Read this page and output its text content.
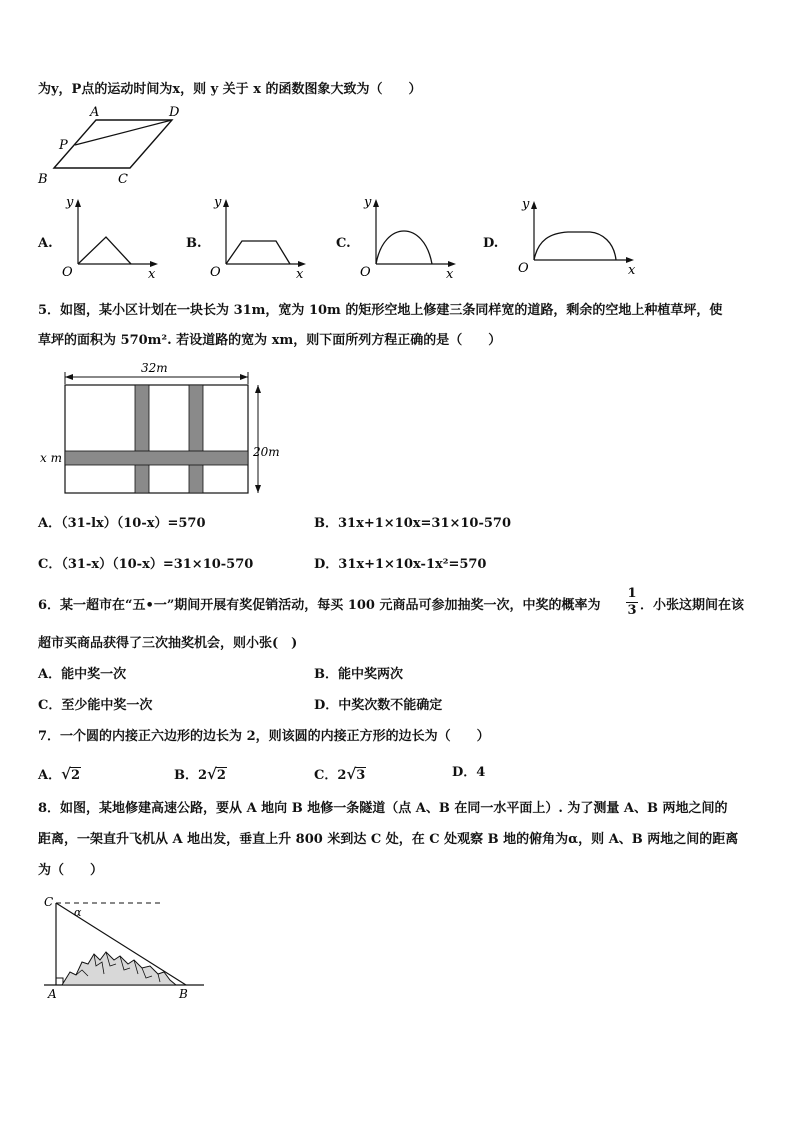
为y，P点的运动时间为x，则 y 关于 x 的函数图象大致为（　　）
A	D
P
B	C
A.
y
O	x
B.
y
O	x
C.
y
O	x
D.
y
O	x
5．如图，某小区计划在一块长为 31m，宽为 10m 的矩形空地上修建三条同样宽的道路，剩余的空地上种植草坪，使
草坪的面积为 570m². 若设道路的宽为 xm，则下面所列方程正确的是（　　）
32m
20m
x m
A．（31-lx）（10-x）=570	B．31x+1×10x=31×10-570
C．（31-x）（10-x）=31×10-570	D．31x+1×10x-1x²=570
6．某一超市在“五•一”期间开展有奖促销活动，每买 100 元商品可参加抽奖一次，中奖的概率为
1
3 ．小张这期间在该
超市买商品获得了三次抽奖机会，则小张(　)
A．能中奖一次	B．能中奖两次
C．至少能中奖一次	D．中奖次数不能确定
7．一个圆的内接正六边形的边长为 2，则该圆的内接正方形的边长为（　　）
A．√2	B．2√2	C．2√3	D．4
8．如图，某地修建高速公路，要从 A 地向 B 地修一条隧道（点 A、B 在同一水平面上）. 为了测量 A、B 两地之间的
距离，一架直升飞机从 A 地出发，垂直上升 800 米到达 C 处，在 C 处观察 B 地的俯角为α，则 A、B 两地之间的距离
为（　　）
C
α
A	B
